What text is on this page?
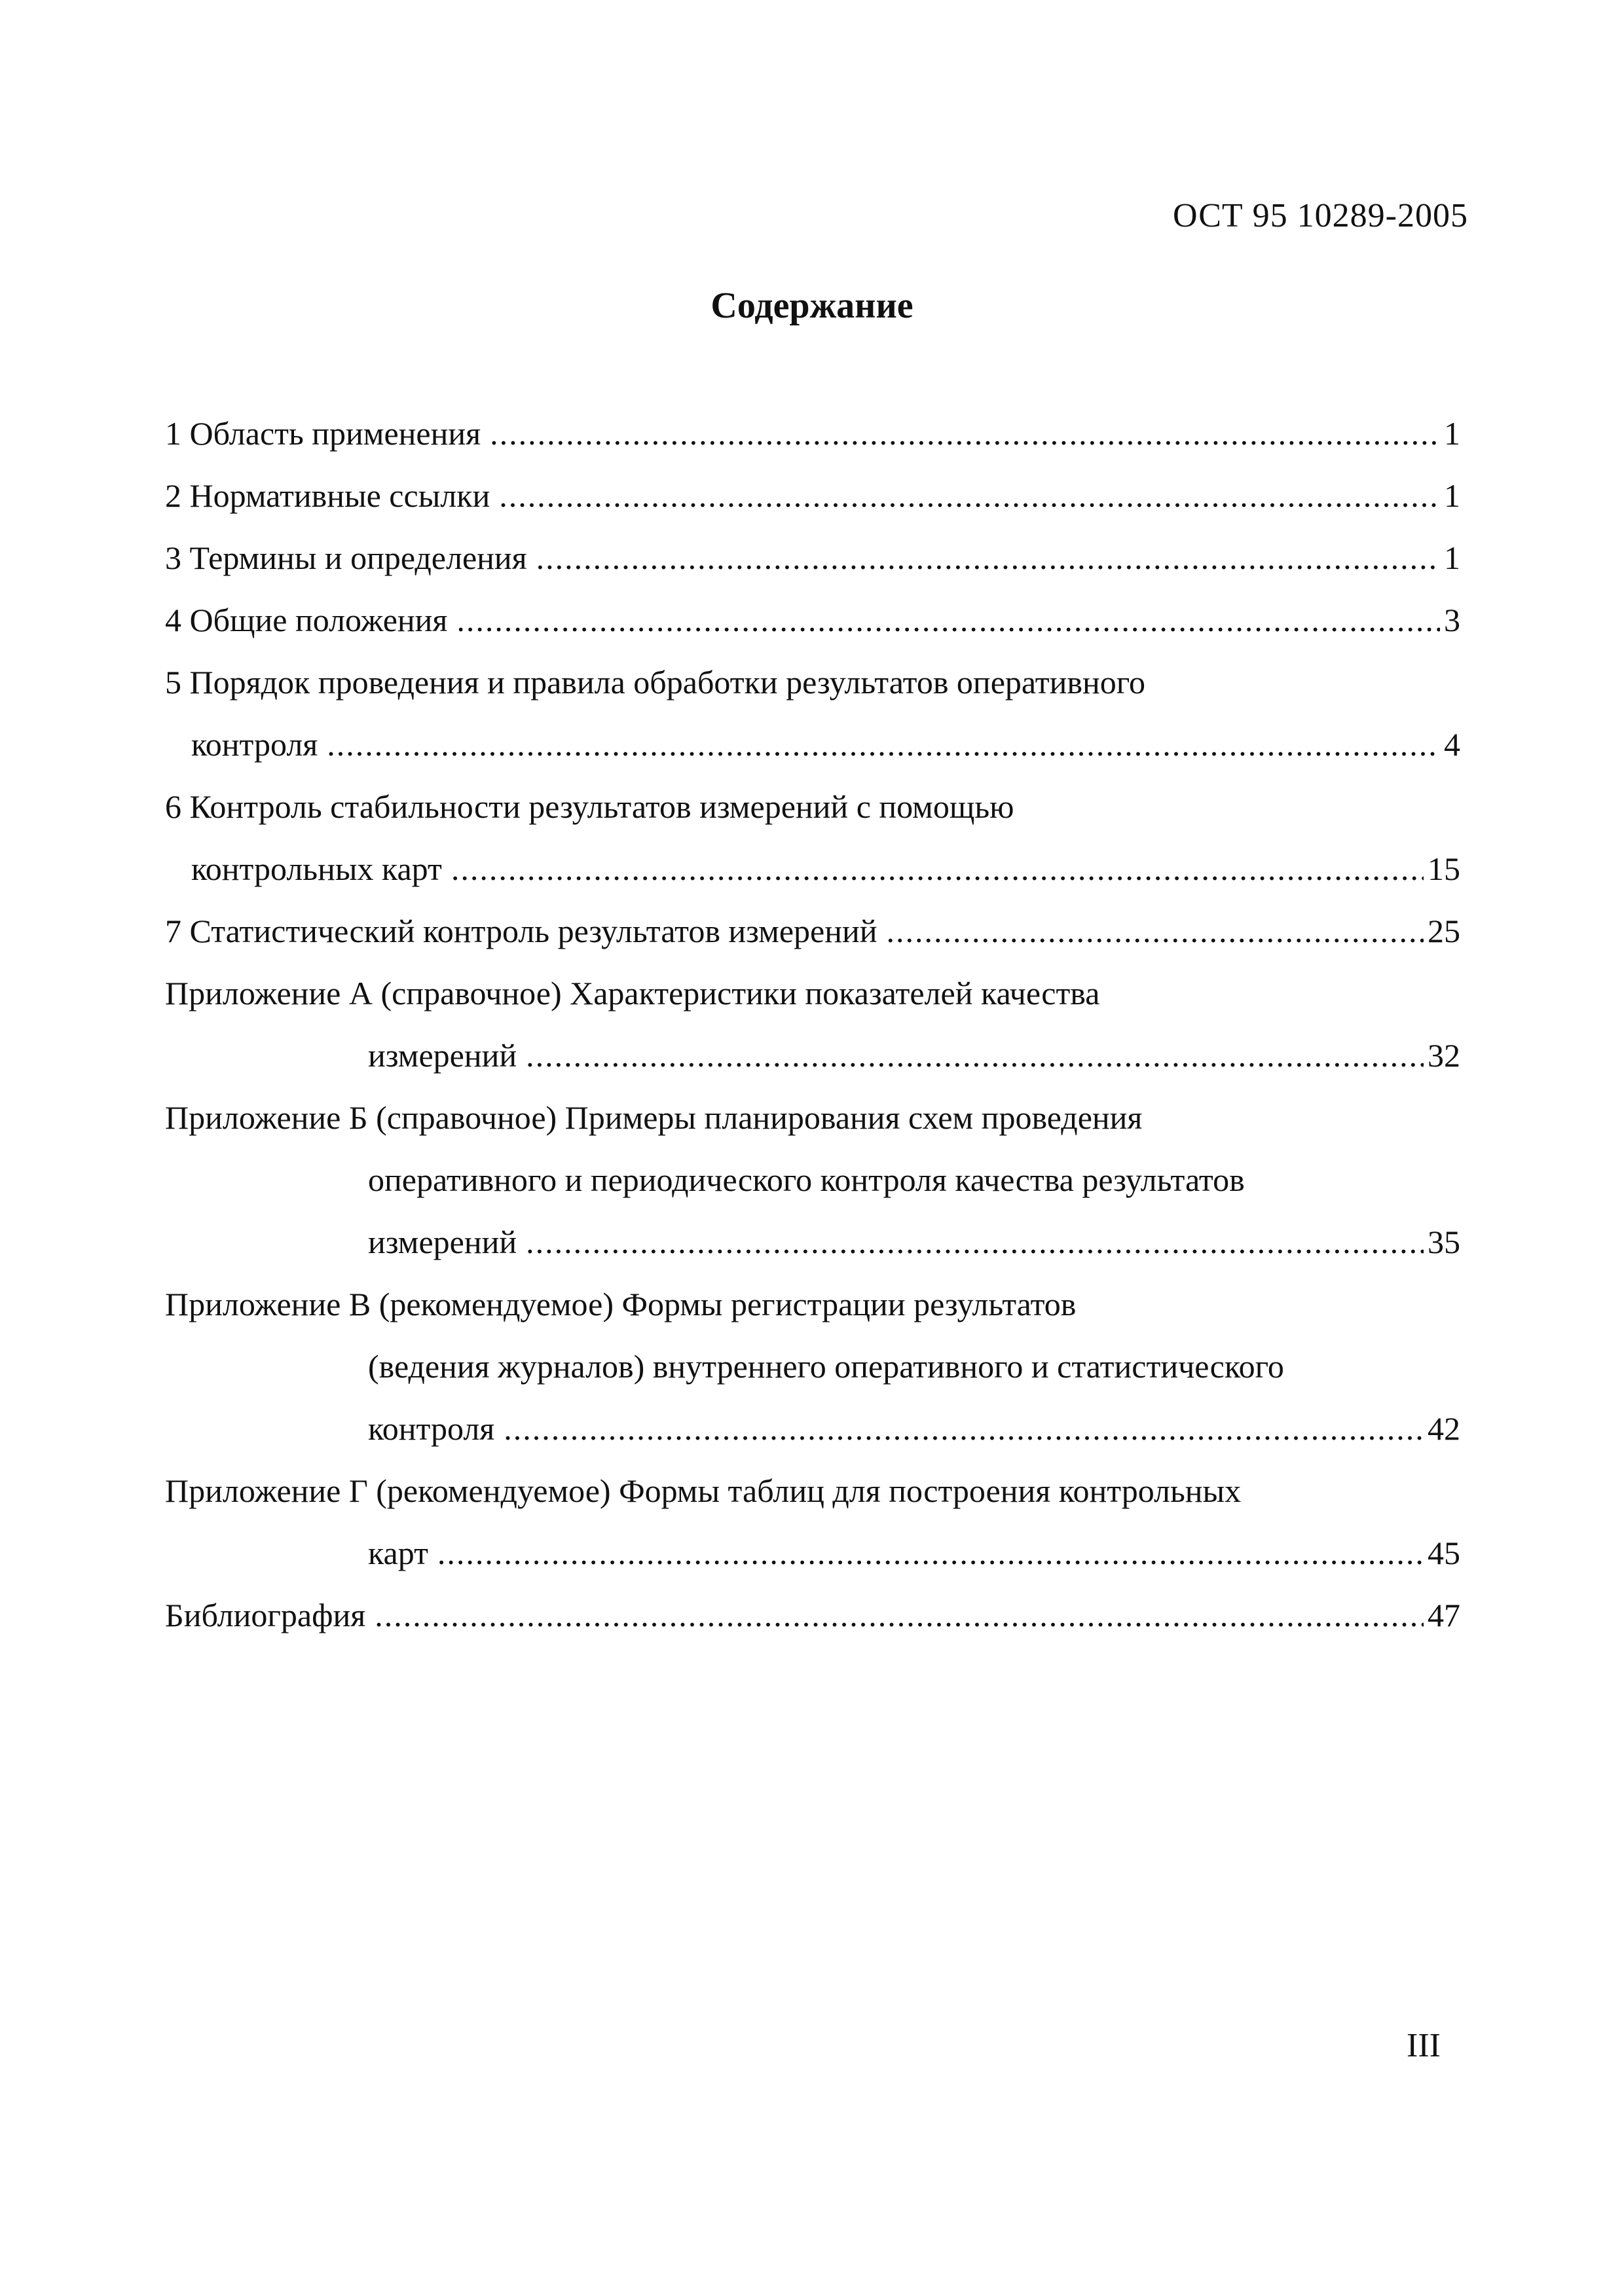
ОСТ 95 10289-2005
Содержание
1 Область применения .....	1
2 Нормативные ссылки .....	1
3 Термины и определения .....	1
4 Общие положения .....	3
5 Порядок проведения и правила обработки результатов оперативного
контроля .....	4
6 Контроль стабильности результатов измерений с помощью
контрольных карт .....	15
7 Статистический контроль результатов измерений .....	25
Приложение А (справочное) Характеристики показателей качества
измерений .....	32
Приложение Б (справочное) Примеры планирования схем проведения
оперативного и периодического контроля качества результатов
измерений .....	35
Приложение В (рекомендуемое) Формы регистрации результатов
(ведения журналов) внутреннего оперативного и статистического
контроля .....	42
Приложение Г (рекомендуемое) Формы таблиц для построения контрольных
карт .....	45
Библиография .....	47
III
